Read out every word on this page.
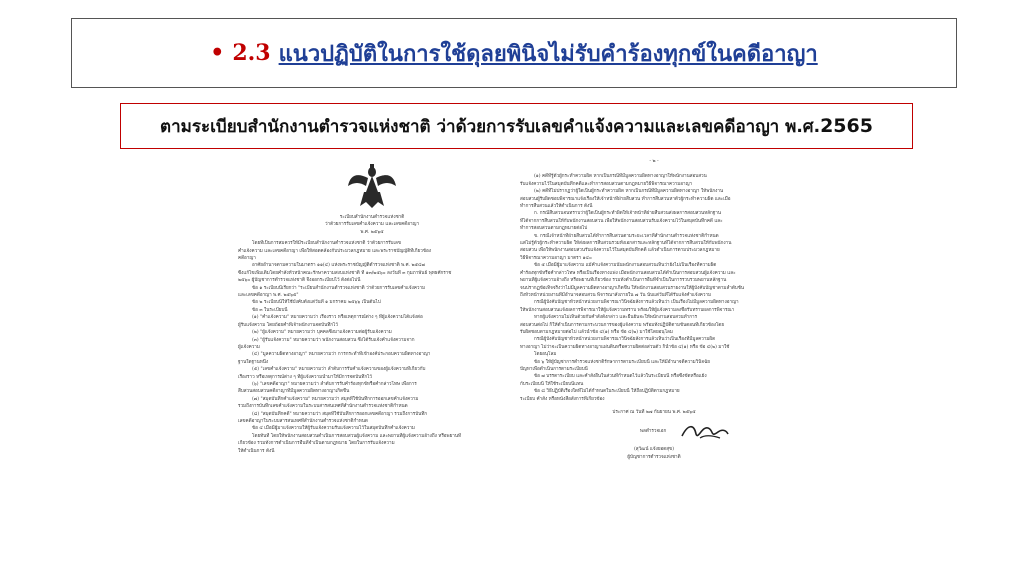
• 2.3 แนวปฏิบัติในการใช้ดุลยพินิจไม่รับคำร้องทุกข์ในคดีอาญา
ตามระเบียบสำนักงานตำรวจแห่งชาติ ว่าด้วยการรับเลขคำแจ้งความและเลขคดีอาญา พ.ศ.2565
ระเบียบสำนักงานตำรวจแห่งชาติ
ว่าด้วยการรับเลขคำแจ้งความ และเลขคดีอาญา
พ.ศ. ๒๕๖๕
โดยที่เป็นการสมควรให้มีระเบียบสำนักงานตำรวจแห่งชาติ ว่าด้วยการรับเลข
คำแจ้งความ และเลขคดีอาญา เพื่อให้สอดคล้องกับประมวลกฎหมาย และพระราชบัญญัติที่เกี่ยวข้อง
คดีอาญา
อาศัยอำนาจตามความในมาตรา ๑๑(๔) แห่งพระราชบัญญัติตำรวจแห่งชาติ พ.ศ. ๒๕๔๗
ซึ่งแก้ไขเพิ่มเติมโดยคำสั่งหัวหน้าคณะรักษาความสงบแห่งชาติ ที่ ๑๓/๒๕๖๐ ลงวันที่ ๓ กุมภาพันธ์ พุทธศักราช
๒๕๖๐ ผู้บัญชาการตำรวจแห่งชาติ จึงออกระเบียบไว้ ดังต่อไปนี้
ข้อ ๑ ระเบียบนี้เรียกว่า "ระเบียบสำนักงานตำรวจแห่งชาติ ว่าด้วยการรับเลขคำแจ้งความ
และเลขคดีอาญา พ.ศ. ๒๕๖๕"
ข้อ ๒ ระเบียบนี้ให้ใช้บังคับตั้งแต่วันที่ ๑ มกราคม ๒๕๖๖ เป็นต้นไป
ข้อ ๓ ในระเบียบนี้
(๑) "คำแจ้งความ" หมายความว่า เรื่องราว หรือเหตุการณ์ต่าง ๆ ที่ผู้แจ้งความได้แจ้งต่อ
ผู้รับแจ้งความ โดยถ้อยคำที่เจ้าพนักงานจดบันทึกไว้
(๒) "ผู้แจ้งความ" หมายความว่า บุคคลซึ่งมาแจ้งความต่อผู้รับแจ้งความ
(๓) "ผู้รับแจ้งความ" หมายความว่า พนักงานสอบสวน ซึ่งได้รับแจ้งคำแจ้งความจาก
ผู้แจ้งความ
(๔) "มูลความผิดทางอาญา" หมายความว่า การกระทำที่เข้าองค์ประกอบความผิดทางอาญา
ฐานใดฐานหนึ่ง
(๕) "เลขคำแจ้งความ" หมายความว่า ลำดับการรับคำแจ้งความของผู้แจ้งความที่เกี่ยวกับ
เรื่องราว หรือเหตุการณ์ต่าง ๆ ที่ผู้แจ้งความนำมาให้มีการจดบันทึกไว้
(๖) "เลขคดีอาญา" หมายความว่า ลำดับการรับคำร้องทุกข์หรือคำกล่าวโทษ เพื่อการ
สืบสวนสอบสวนคดีอาญาที่มีมูลความผิดทางอาญาเกิดขึ้น
(๗) "สมุดบันทึกคำแจ้งความ" หมายความว่า สมุดที่ใช้บันทึกการออกเลขคำแจ้งความ
รวมถึงการบันทึกเลขคำแจ้งความในระบบสารสนเทศที่สำนักงานตำรวจแห่งชาติกำหนด
(๘) "สมุดบันทึกคดี" หมายความว่า สมุดที่ใช้บันทึกการออกเลขคดีอาญา รวมถึงการบันทึก
เลขคดีอาญาในระบบสารสนเทศที่สำนักงานตำรวจแห่งชาติกำหนด
ข้อ ๔ เมื่อมีผู้มาแจ้งความให้ผู้รับแจ้งความรับแจ้งความไว้ในสมุดบันทึกคำแจ้งความ
โดยทันที โดยให้พนักงานสอบสวนดำเนินการสอบสวนผู้แจ้งความ และพยานที่ผู้แจ้งความอ้างถึง หรือพยานที่
เกี่ยวข้อง รวมทั้งการดำเนินการอื่นที่จำเป็นตามกฎหมาย โดยในการรับแจ้งความ
ให้ดำเนินการ ดังนี้
- ๒ -
(๑) คดีที่รู้ตัวผู้กระทำความผิด หากเป็นกรณีที่มีมูลความผิดทางอาญาให้พนักงานสอบสวน
รับแจ้งความไว้ในสมุดบันทึกคดีและทำการสอบสวนตามกฎหมายวิธีพิจารณาความอาญา
(๒) คดีที่ไม่ปรากฏว่าผู้ใดเป็นผู้กระทำความผิด หากเป็นกรณีที่มีมูลความผิดทางอาญา ให้พนักงาน
สอบสวนผู้รับผิดชอบพิจารณาแจ้งเรื่องให้เจ้าหน้าที่ฝ่ายสืบสวน ทำการสืบสวนหาตัวผู้กระทำความผิด และเมื่อ
ทำการสืบสวนแล้วให้ดำเนินการ ดังนี้
ก. กรณีสืบสวนจนทราบว่าผู้ใดเป็นผู้กระทำผิดให้เจ้าหน้าที่ฝ่ายสืบสวนส่งผลการสอบสวนหลักฐาน
ที่ได้จากการสืบสวนให้กับพนักงานสอบสวน เพื่อให้พนักงานสอบสวนรับแจ้งความไว้ในสมุดบันทึกคดี และ
ทำการสอบสวนตามกฎหมายต่อไป
ข. กรณีเจ้าหน้าที่ฝ่ายสืบสวนได้ทำการสืบสวนตามระยะเวลาที่สำนักงานตำรวจแห่งชาติกำหนด
แต่ไม่รู้ตัวผู้กระทำความผิด ให้ส่งผลการสืบสวนรวมทั้งเอกสารและหลักฐานที่ได้จากการสืบสวนให้กับพนักงาน
สอบสวน เพื่อให้พนักงานสอบสวนรับแจ้งความไว้ในสมุดบันทึกคดี แล้วดำเนินการตามประมวลกฎหมาย
วิธีพิจารณาความอาญา มาตรา ๑๔๐
ข้อ ๕ เมื่อมีผู้มาแจ้งความ แม้คำแจ้งความนั้นพนักงานสอบสวนเห็นว่ายังไม่เป็นเรื่องที่ความผิด
คำร้องทุกข์หรือคำกล่าวโทษ หรือเป็นเรื่องทางแพ่ง เมื่อพนักงานสอบสวนได้ดำเนินการสอบสวนผู้แจ้งความ และ
พยานที่ผู้แจ้งความอ้างถึง หรือพยานที่เกี่ยวข้อง รวมทั้งดำเนินการอื่นที่จำเป็นในการรวบรวมพยานหลักฐาน
จนปรากฏข้อเท็จจริงว่าไม่มีมูลความผิดทางอาญาเกิดขึ้น ให้พนักงานสอบสวนรายงานให้ผู้บังคับบัญชาตามลำดับชั้น
ถึงหัวหน้าหน่วยงานที่มีอำนาจสอบสวน พิจารณาสั่งภายใน ๗ วัน นับแต่วันที่ได้รับแจ้งคำแจ้งความ
กรณีผู้บังคับบัญชาหัวหน้าหน่วยงานพิจารณาวินิจฉัยสั่งการแล้วเห็นว่า เป็นเรื่องไม่มีมูลความผิดทางอาญา
ให้พนักงานสอบสวนแจ้งผลการพิจารณาให้ผู้แจ้งความทราบ พร้อมให้ผู้แจ้งความลงชื่อรับทราบผลการพิจารณา
หากผู้แจ้งความไม่เห็นด้วยกับคำสั่งดังกล่าว และยืนยันจะให้พนักงานสอบสวนทำการ
สอบสวนต่อไป ก็ให้ดำเนินการตามกระบวนการของผู้แจ้งความ พร้อมทั้งปฏิบัติตามขั้นตอนที่เกี่ยวข้องโดย
รับผิดชอบตามกฎหมายต่อไป แล้วนำข้อ ๔(๑) หรือ ข้อ ๔(๒) มาใช้โดยอนุโลม
กรณีผู้บังคับบัญชาหัวหน้าหน่วยงานพิจารณาวินิจฉัยสั่งการแล้วเห็นว่าเป็นเรื่องที่มีมูลความผิด
ทางอาญา ไม่ว่าจะเป็นความผิดทางอาญาแผ่นดินหรือความผิดต่อส่วนตัว ก็นำข้อ ๔(๑) หรือ ข้อ ๔(๒) มาใช้
โดยอนุโลม
ข้อ ๖ ให้ผู้บัญชาการตำรวจแห่งชาติรักษาการตามระเบียบนี้ และให้มีอำนาจตีความวินิจฉัย
ปัญหาเพื่อดำเนินการตามระเบียบนี้
ข้อ ๗ บรรดาระเบียบ และคำสั่งอื่นในส่วนที่กำหนดไว้แล้วในระเบียบนี้ หรือซึ่งขัดหรือแย้ง
กับระเบียบนี้ ให้ใช้ระเบียบนี้แทน
ข้อ ๘ วิธีปฏิบัติเรื่องใดที่ไม่ได้กำหนดในระเบียบนี้ ให้ถือปฏิบัติตามกฎหมาย
ระเบียบ คำสั่ง หรือหนังสือสั่งการที่เกี่ยวข้อง
ประกาศ ณ วันที่ ๒๗ กันยายน พ.ศ. ๒๕๖๕
พลตำรวจเอก
(สุวัฒน์ แจ้งยอดสุข)
ผู้บัญชาการตำรวจแห่งชาติ
